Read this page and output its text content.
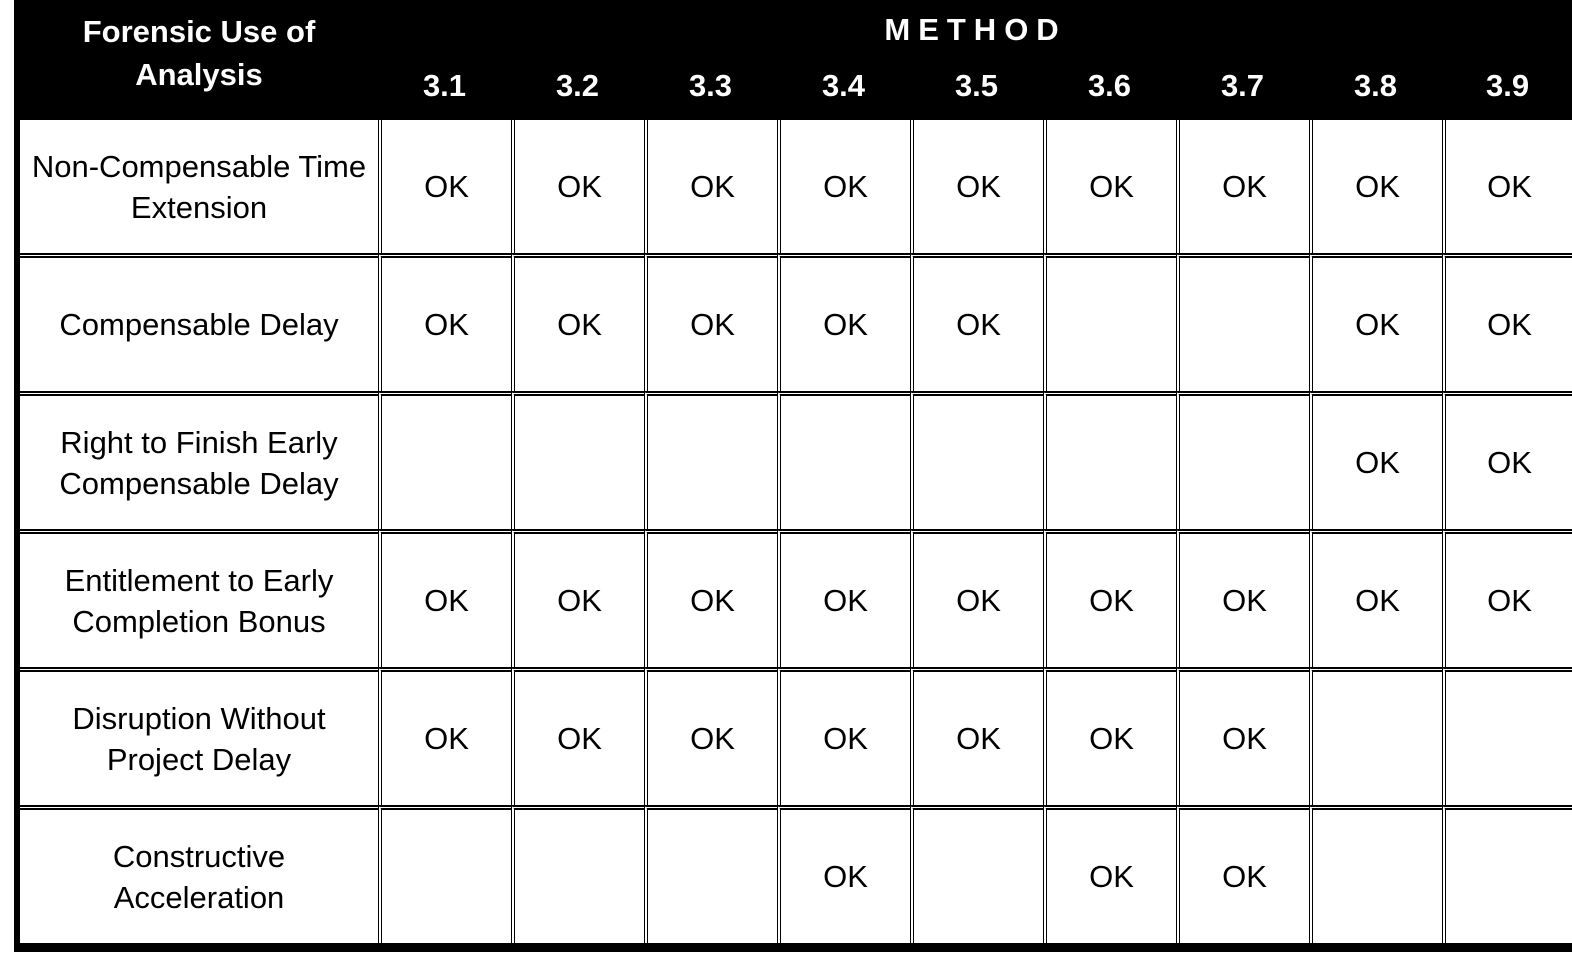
Forensic Use of Analysis	METHOD								
	3.1	3.2	3.3	3.4	3.5	3.6	3.7	3.8	3.9
Non-Compensable Time Extension	OK	OK	OK	OK	OK	OK	OK	OK	OK
Compensable Delay	OK	OK	OK	OK	OK			OK	OK
Right to Finish Early Compensable Delay								OK	OK
Entitlement to Early Completion Bonus	OK	OK	OK	OK	OK	OK	OK	OK	OK
Disruption Without Project Delay	OK	OK	OK	OK	OK	OK	OK		
Constructive Acceleration				OK		OK	OK		
